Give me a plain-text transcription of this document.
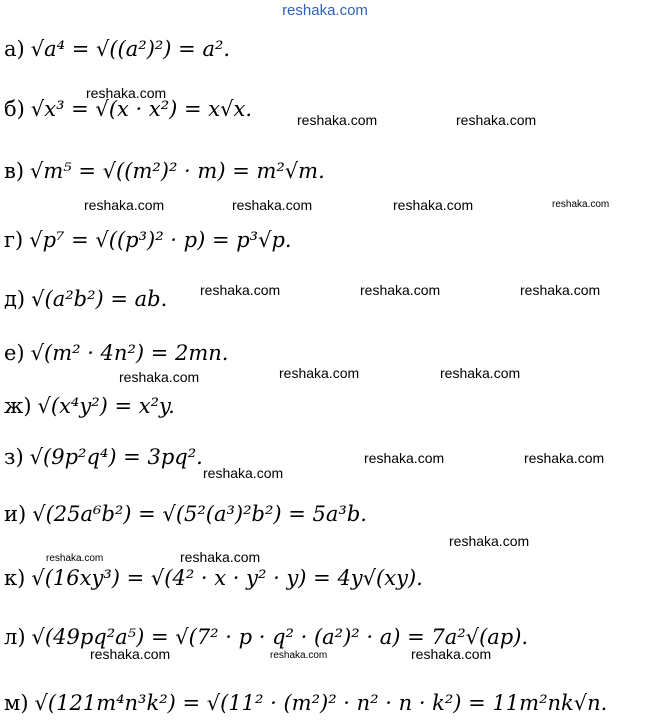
reshaka.com
а) √a⁴ = √((a²)²) = a².
б) √x³ = √(x · x²) = x√x.
в) √m⁵ = √((m²)² · m) = m²√m.
г) √p⁷ = √((p³)² · p) = p³√p.
д) √(a²b²) = ab.
е) √(m² · 4n²) = 2mn.
ж) √(x⁴y²) = x²y.
з) √(9p²q⁴) = 3pq².
и) √(25a⁶b²) = √(5²(a³)²b²) = 5a³b.
к) √(16xy³) = √(4² · x · y² · y) = 4y√(xy).
л) √(49pq²a⁵) = √(7² · p · q² · (a²)² · a) = 7a²√(ap).
м) √(121m⁴n³k²) = √(11² · (m²)² · n² · n · k²) = 11m²nk√n.
reshaka.com
reshaka.com	reshaka.com
reshaka.com	reshaka.com	reshaka.com	reshaka.com
reshaka.com	reshaka.com	reshaka.com
reshaka.com	reshaka.com	reshaka.com
reshaka.com	reshaka.com
reshaka.com
reshaka.com
reshaka.com
reshaka.com
reshaka.com	reshaka.com	reshaka.com
